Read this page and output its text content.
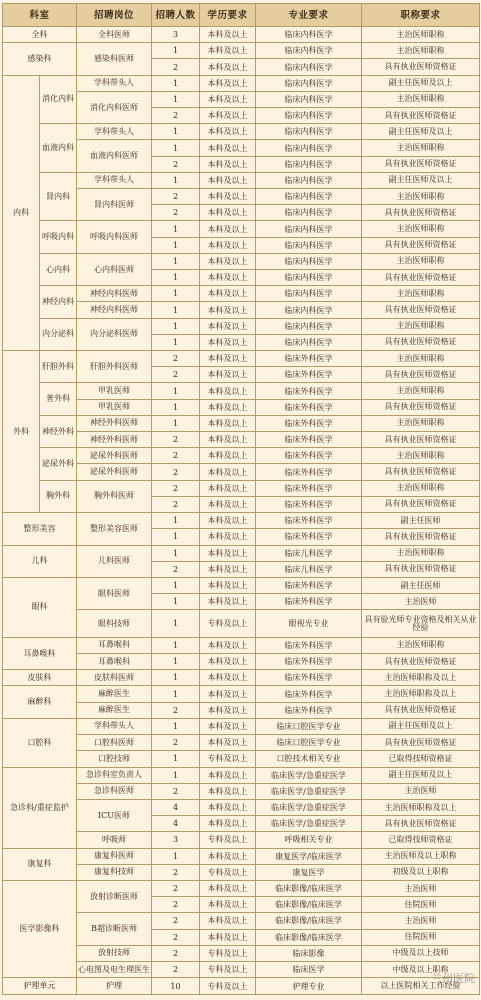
科室		招聘岗位	招聘人数	学历要求	专业要求	职称要求
全科		全科医师	3	本科及以上	临床内科医学	主治医师职称
感染科		感染科医师	1	本科及以上	临床内科医学	主治医师职称
			2	本科及以上	临床内科医学	具有执业医师资格证
内科	消化内科	学科带头人	1	本科及以上	临床内科医学	副主任医师及以上
		消化内科医师	1	本科及以上	临床内科医学	主治医师职称
			2	本科及以上	临床内科医学	具有执业医师资格证
	血液内科	学科带头人	1	本科及以上	临床内科医学	副主任医师及以上
		血液内科医师	1	本科及以上	临床内科医学	主治医师职称
			2	本科及以上	临床内科医学	具有执业医师资格证
	肾内科	学科带头人	1	本科及以上	临床内科医学	副主任医师及以上
		肾内科医师	2	本科及以上	临床内科医学	主治医师职称
			2	本科及以上	临床内科医学	具有执业医师资格证
	呼吸内科	呼吸内科医师	1	本科及以上	临床内科医学	主治医师职称
			1	本科及以上	临床内科医学	具有执业医师资格证
	心内科	心内科医师	1	本科及以上	临床内科医学	主治医师职称
			1	本科及以上	临床内科医学	具有执业医师资格证
	神经内科	神经内科医师	1	本科及以上	临床内科医学	主治医师职称
		神经内科医师	1	本科及以上	临床内科医学	具有执业医师资格证
	内分泌科	内分泌科医师	1	本科及以上	临床内科医学	主治医师职称
			1	本科及以上	临床内科医学	具有执业医师资格证
外科	肝胆外科	肝胆外科医师	2	本科及以上	临床外科医学	主治医师职称
			2	本科及以上	临床外科医学	具有执业医师资格证
	普外科	甲乳医师	1	本科及以上	临床外科医学	主治医师职称
		甲乳医师	1	本科及以上	临床外科医学	具有执业医师资格证
	神经外科	神经外科医师	1	本科及以上	临床外科医学	主治医师职称
		神经外科医师	2	本科及以上	临床外科医学	具有执业医师资格证
	泌尿外科	泌尿外科医师	2	本科及以上	临床外科医学	主治医师职称
		泌尿外科医师	2	本科及以上	临床外科医学	具有执业医师资格证
	胸外科	胸外科医师	2	本科及以上	临床外科医学	主治医师职称
			2	本科及以上	临床外科医学	具有执业医师资格证
整形美容		整形美容医师	1	本科及以上	临床外科医学	副主任医师
			1	本科及以上	临床外科医学	具有执业医师资格证
儿科		儿科医师	1	本科及以上	临床儿科医学	主治医师职称
			2	本科及以上	临床儿科医学	具有执业医师资格证
眼科		眼科医师	1	本科及以上	临床外科医学	副主任医师
			1	本科及以上	临床外科医学	主治医师
		眼科技师	1	专科及以上	眼视光专业	具有验光师专业资格及相关从业经验
耳鼻喉科		耳鼻喉科	1	本科及以上	临床外科医学	主治医师职称
		耳鼻喉科	1	本科及以上	临床外科医学	具有执业医师资格证
皮肤科		皮肤科医师	1	本科及以上	临床外科医学	主治医师职称及以上
麻醉科		麻醉医生	1	本科及以上	临床外科医学	主治医师职称及以上
		麻醉医生	2	本科及以上	临床外科医学	具有执业医师资格证
口腔科		学科带头人	1	本科及以上	临床口腔医学专业	副主任医师及以上
		口腔科医师	2	本科及以上	临床口腔医学专业	具有执业医师资格证
		口腔技师	1	专科及以上	口腔技术相关专业	已取得技师资格证
急诊科/重症监护		急诊科室负责人	1	本科及以上	临床医学/急重症医学	副主任医师及以上
		急诊科医师	2	本科及以上	临床医学/急重症医学	主治医师
		ICU医师	4	本科及以上	临床医学/急重症医学	主治医师职称及以上
			4	本科及以上	临床医学/急重症医学	具有执业医师资格证
		呼吸师	3	专科及以上	呼吸相关专业	已取得技师资格证
康复科		康复科医师	1	本科及以上	康复医学/临床医学	主治医师及以上职称
		康复科技师	2	专科及以上	康复医学	初级及以上职称
医学影像科		放射诊断医师	2	本科及以上	临床影像/临床医学	主治医师
			2	本科及以上	临床影像/临床医学	住院医师
		B超诊断医师	2	本科及以上	临床影像/临床医学	主治医师
			2	本科及以上	临床影像/临床医学	住院医师
		放射技师	2	专科及以上	临床影像	中级及以上技师
		心电图及电生理医生	2	专科及以上	临床医学	中级及以上职称
护理单元		护理	10	专科及以上	护理专业	以上医院相关工作经验
兰州医院
